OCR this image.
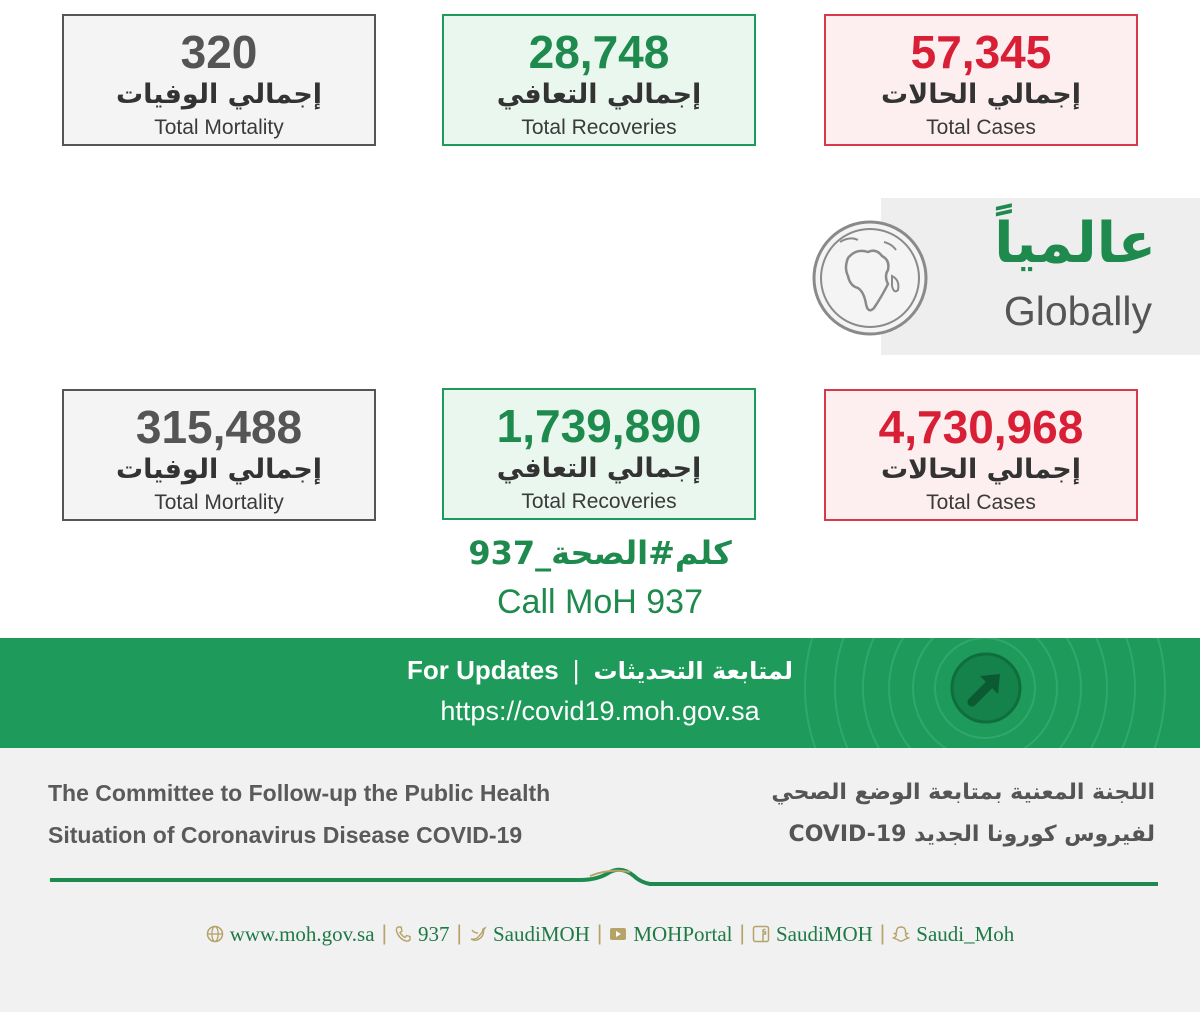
320
إجمالي الوفيات
Total Mortality
28,748
إجمالي التعافي
Total Recoveries
57,345
إجمالي الحالات
Total Cases
عالمياً
Globally
315,488
إجمالي الوفيات
Total Mortality
1,739,890
إجمالي التعافي
Total Recoveries
4,730,968
إجمالي الحالات
Total Cases
كلم#الصحة_937
Call MoH 937
For Updates | لمتابعة التحديثات
https://covid19.moh.gov.sa
The Committee to Follow-up the Public Health
Situation of Coronavirus Disease COVID-19
اللجنة المعنية بمتابعة الوضع الصحي
لفيروس كورونا الجديد COVID-19
www.moh.gov.sa | 937 | SaudiMOH | MOHPortal | SaudiMOH | Saudi_Moh
